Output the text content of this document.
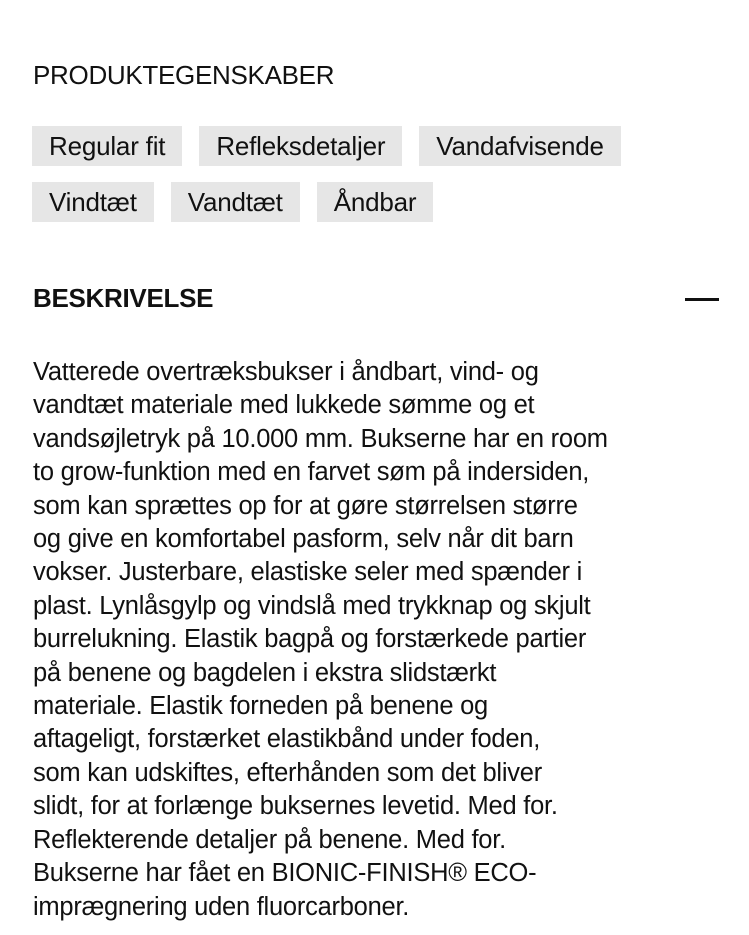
PRODUKTEGENSKABER
Regular fit	Refleksdetaljer	Vandafvisende
Vindtæt	Vandtæt	Åndbar
BESKRIVELSE
Vatterede overtræksbukser i åndbart, vind- og
vandtæt materiale med lukkede sømme og et
vandsøjletryk på 10.000 mm. Bukserne har en room
to grow-funktion med en farvet søm på indersiden,
som kan sprættes op for at gøre størrelsen større
og give en komfortabel pasform, selv når dit barn
vokser. Justerbare, elastiske seler med spænder i
plast. Lynlåsgylp og vindslå med trykknap og skjult
burrelukning. Elastik bagpå og forstærkede partier
på benene og bagdelen i ekstra slidstærkt
materiale. Elastik forneden på benene og
aftageligt, forstærket elastikbånd under foden,
som kan udskiftes, efterhånden som det bliver
slidt, for at forlænge buksernes levetid. Med for.
Reflekterende detaljer på benene. Med for.
Bukserne har fået en BIONIC-FINISH® ECO-
imprægnering uden fluorcarboner.
